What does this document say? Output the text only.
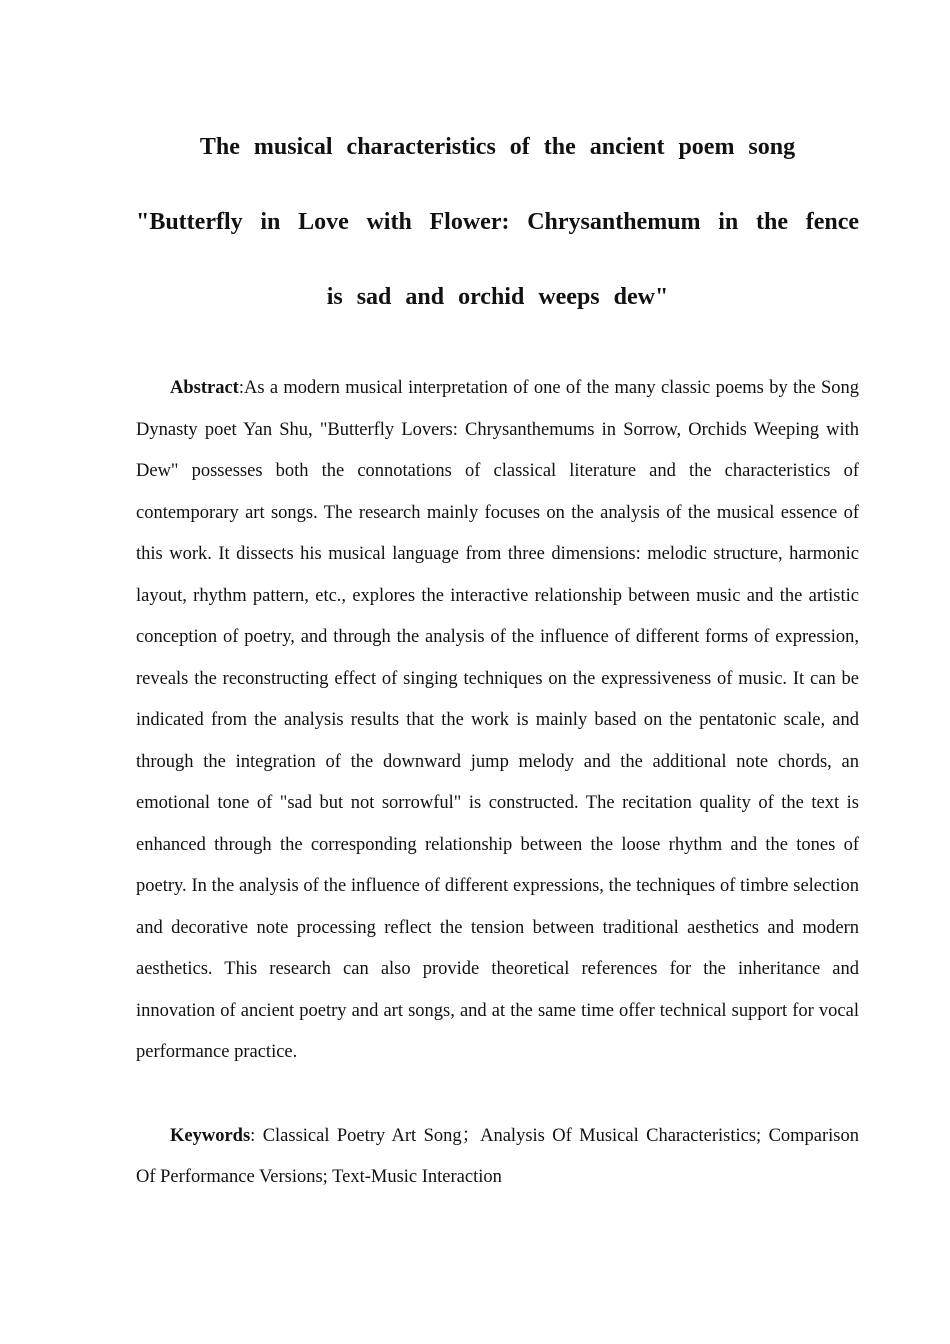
The musical characteristics of the ancient poem song
"Butterfly in Love with Flower: Chrysanthemum in the fence
is sad and orchid weeps dew"

Abstract:As a modern musical interpretation of one of the many classic poems by the Song Dynasty poet Yan Shu, "Butterfly Lovers: Chrysanthemums in Sorrow, Orchids Weeping with Dew" possesses both the connotations of classical literature and the characteristics of contemporary art songs. The research mainly focuses on the analysis of the musical essence of this work. It dissects his musical language from three dimensions: melodic structure, harmonic layout, rhythm pattern, etc., explores the interactive relationship between music and the artistic conception of poetry, and through the analysis of the influence of different forms of expression, reveals the reconstructing effect of singing techniques on the expressiveness of music. It can be indicated from the analysis results that the work is mainly based on the pentatonic scale, and through the integration of the downward jump melody and the additional note chords, an emotional tone of "sad but not sorrowful" is constructed. The recitation quality of the text is enhanced through the corresponding relationship between the loose rhythm and the tones of poetry. In the analysis of the influence of different expressions, the techniques of timbre selection and decorative note processing reflect the tension between traditional aesthetics and modern aesthetics. This research can also provide theoretical references for the inheritance and innovation of ancient poetry and art songs, and at the same time offer technical support for vocal performance practice.

Keywords: Classical Poetry Art Song；Analysis Of Musical Characteristics; Comparison Of Performance Versions; Text-Music Interaction
